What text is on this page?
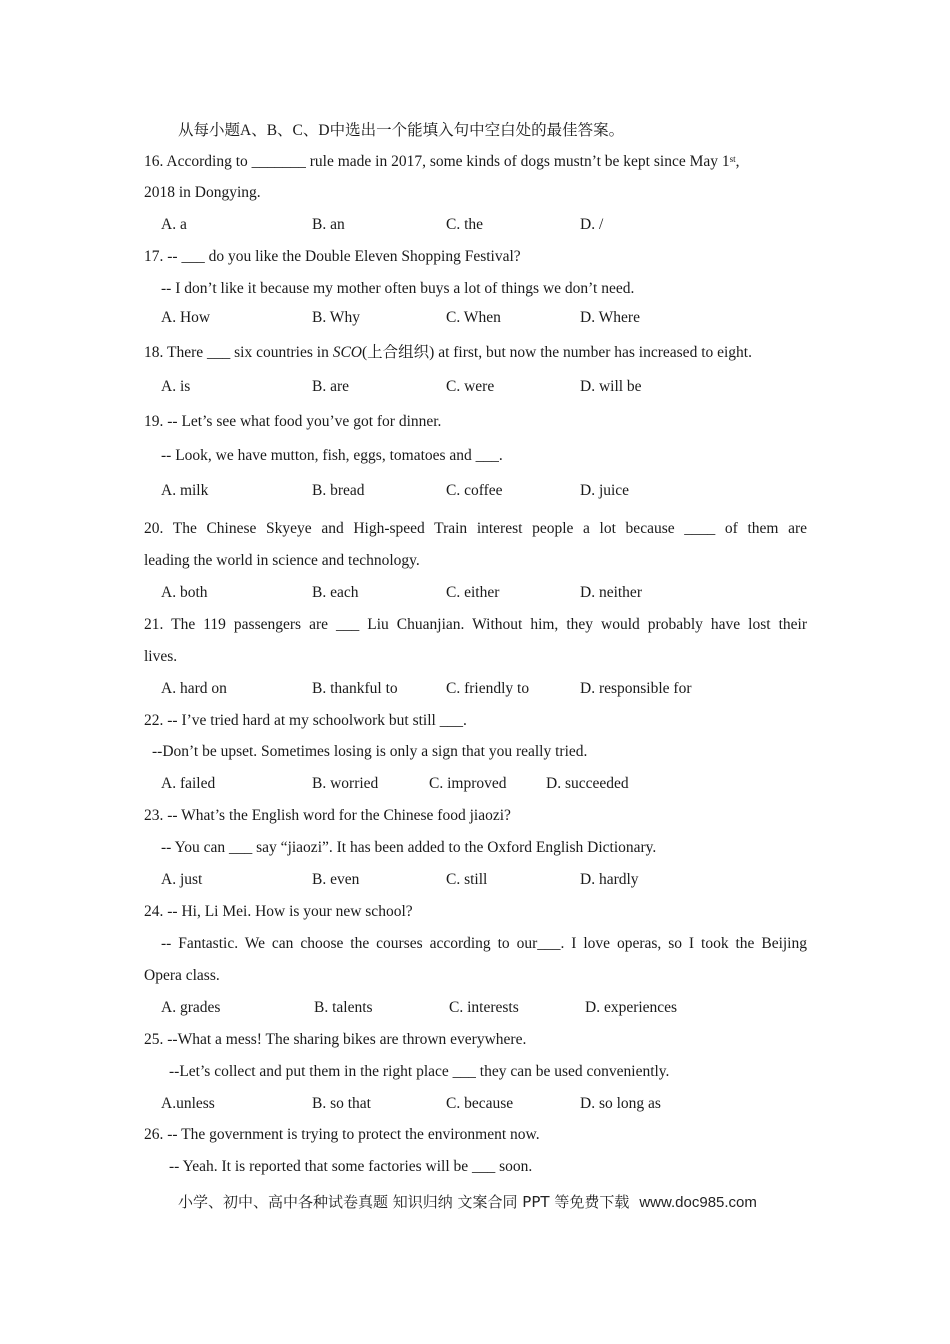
从每小题A、B、C、D中选出一个能填入句中空白处的最佳答案。
16. According to _______ rule made in 2017, some kinds of dogs mustn’t be kept since May 1st,
2018 in Dongying.
A. a	B. an	C. the	D. /
17. -- ___ do you like the Double Eleven Shopping Festival?
-- I don’t like it because my mother often buys a lot of things we don’t need.
A. How	B. Why	C. When	D. Where
18. There ___ six countries in SCO(上合组织) at first, but now the number has increased to eight.
A. is	B. are	C. were	D. will be
19. -- Let’s see what food you’ve got for dinner.
-- Look, we have mutton, fish, eggs, tomatoes and ___.
A. milk	B. bread	C. coffee	D. juice
20. The Chinese Skyeye and High-speed Train interest people a lot because ____ of them are
leading the world in science and technology.
A. both	B. each	C. either	D. neither
21. The 119 passengers are ___ Liu Chuanjian. Without him, they would probably have lost their
lives.
A. hard on	B. thankful to	C. friendly to	D. responsible for
22. -- I’ve tried hard at my schoolwork but still ___.
--Don’t be upset. Sometimes losing is only a sign that you really tried.
A. failed	B. worried	C. improved	D. succeeded
23. -- What’s the English word for the Chinese food jiaozi?
-- You can ___ say “jiaozi”. It has been added to the Oxford English Dictionary.
A. just	B. even	C. still	D. hardly
24. -- Hi, Li Mei. How is your new school?
-- Fantastic. We can choose the courses according to our___. I love operas, so I took the Beijing
Opera class.
A. grades	B. talents	C. interests	D. experiences
25. --What a mess! The sharing bikes are thrown everywhere.
--Let’s collect and put them in the right place ___ they can be used conveniently.
A.unless	B. so that	C. because	D. so long as
26. -- The government is trying to protect the environment now.
-- Yeah. It is reported that some factories will be ___ soon.
小学、初中、高中各种试卷真题 知识归纳 文案合同 PPT 等免费下载 www.doc985.com
